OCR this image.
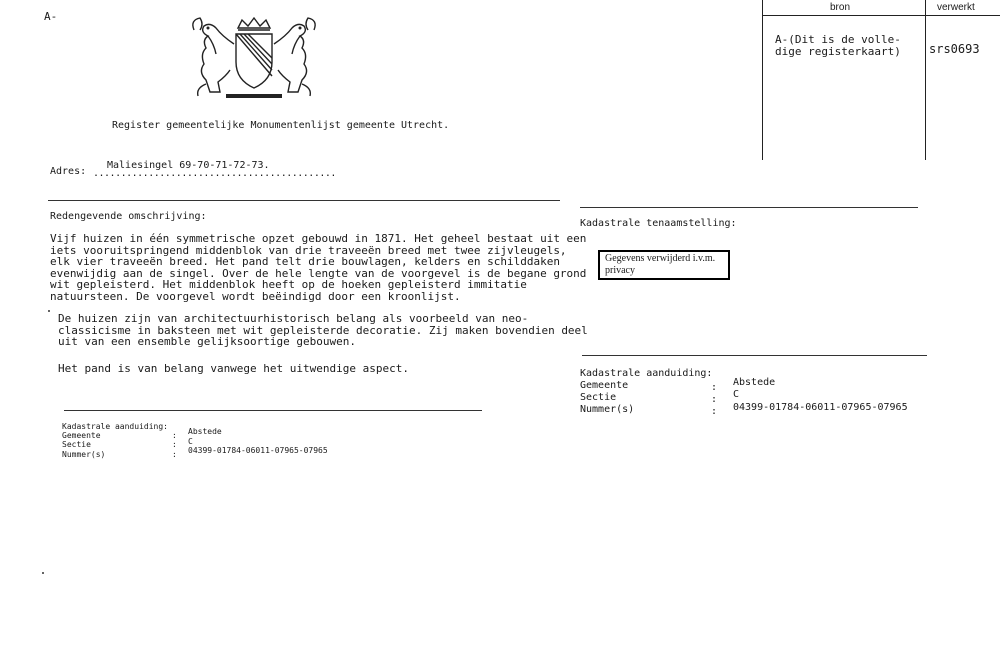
A-
bron	verwerkt
A-(Dit is de volle-
dige registerkaart) srs0693
Register gemeentelijke Monumentenlijst gemeente Utrecht.
Adres:
Maliesingel 69-70-71-72-73.
............................................
Redengevende omschrijving:

Vijf huizen in één symmetrische opzet gebouwd in 1871. Het geheel bestaat uit een

iets vooruitspringend middenblok van drie traveeën breed met twee zijvleugels,

elk vier traveeën breed. Het pand telt drie bouwlagen, kelders en schilddaken

evenwijdig aan de singel. Over de hele lengte van de voorgevel is de begane grond

wit gepleisterd. Het middenblok heeft op de hoeken gepleisterd immitatie

natuursteen. De voorgevel wordt beëindigd door een kroonlijst.

De huizen zijn van architectuurhistorisch belang als voorbeeld van neo-

classicisme in baksteen met wit gepleisterde decoratie. Zij maken bovendien deel

uit van een ensemble gelijksoortige gebouwen.

Het pand is van belang vanwege het uitwendige aspect.
Kadastrale aanduiding:
Gemeente	: Abstede
Sectie	: C
Nummer(s)	: 04399-01784-06011-07965-07965
Kadastrale tenaamstelling:
Gegevens verwijderd i.v.m.
privacy
Kadastrale aanduiding:
Gemeente	: Abstede
Sectie	: C
Nummer(s)	: 04399-01784-06011-07965-07965
